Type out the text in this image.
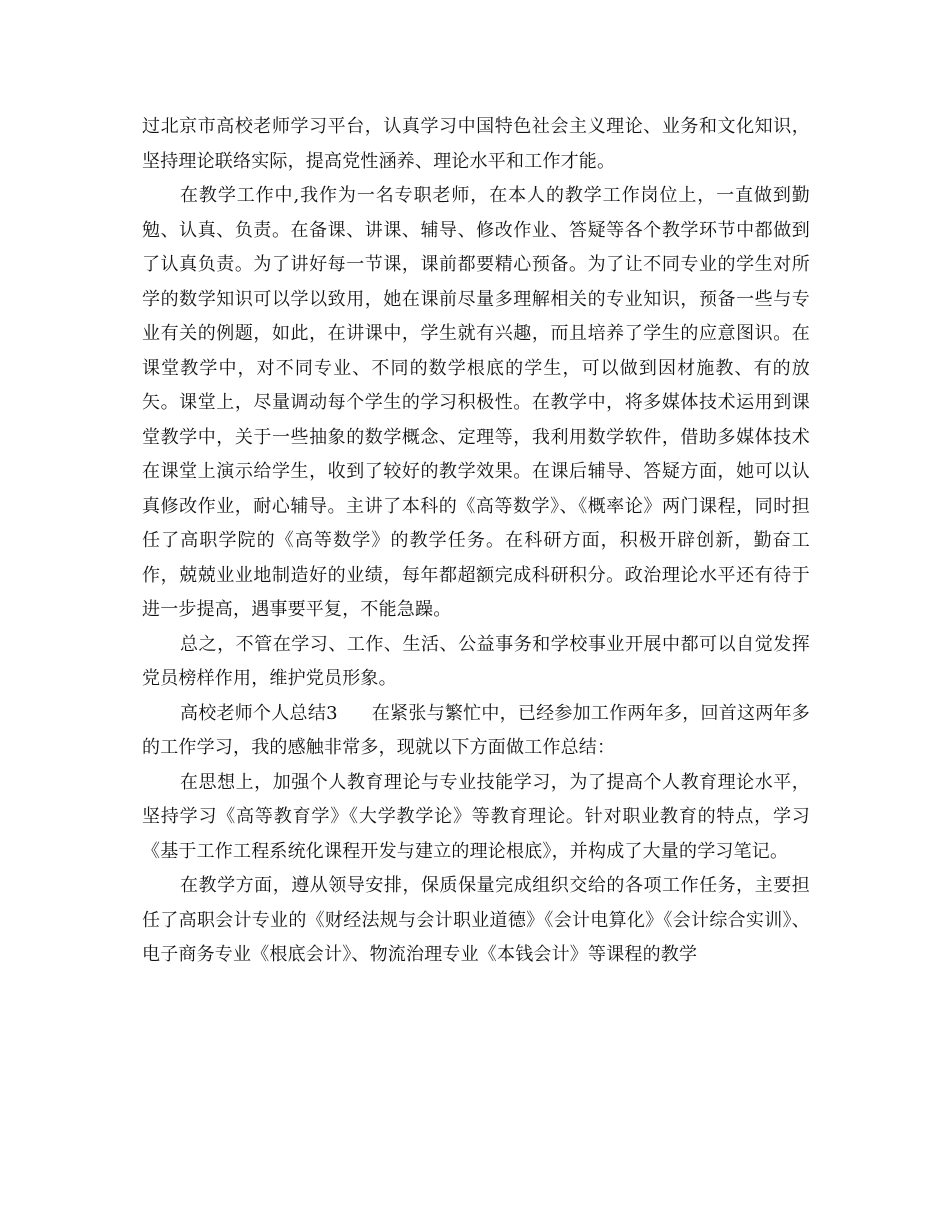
过北京市高校老师学习平台，认真学习中国特色社会主义理论、业务和文化知识，坚持理论联络实际，提高党性涵养、理论水平和工作才能。

在教学工作中,我作为一名专职老师，在本人的教学工作岗位上，一直做到勤勉、认真、负责。在备课、讲课、辅导、修改作业、答疑等各个教学环节中都做到了认真负责。为了讲好每一节课，课前都要精心预备。为了让不同专业的学生对所学的数学知识可以学以致用，她在课前尽量多理解相关的专业知识，预备一些与专业有关的例题，如此，在讲课中，学生就有兴趣，而且培养了学生的应意图识。在课堂教学中，对不同专业、不同的数学根底的学生，可以做到因材施教、有的放矢。课堂上，尽量调动每个学生的学习积极性。在教学中，将多媒体技术运用到课堂教学中，关于一些抽象的数学概念、定理等，我利用数学软件，借助多媒体技术在课堂上演示给学生，收到了较好的教学效果。在课后辅导、答疑方面，她可以认真修改作业，耐心辅导。主讲了本科的《高等数学》、《概率论》两门课程，同时担任了高职学院的《高等数学》的教学任务。在科研方面，积极开辟创新，勤奋工作，兢兢业业地制造好的业绩，每年都超额完成科研积分。政治理论水平还有待于进一步提高，遇事要平复，不能急躁。

总之，不管在学习、工作、生活、公益事务和学校事业开展中都可以自觉发挥党员榜样作用，维护党员形象。

高校老师个人总结3 在紧张与繁忙中，已经参加工作两年多，回首这两年多的工作学习，我的感触非常多，现就以下方面做工作总结：

在思想上，加强个人教育理论与专业技能学习，为了提高个人教育理论水平，坚持学习《高等教育学》《大学教学论》等教育理论。针对职业教育的特点，学习《基于工作工程系统化课程开发与建立的理论根底》，并构成了大量的学习笔记。

在教学方面，遵从领导安排，保质保量完成组织交给的各项工作任务，主要担任了高职会计专业的《财经法规与会计职业道德》《会计电算化》《会计综合实训》、电子商务专业《根底会计》、物流治理专业《本钱会计》等课程的教学
